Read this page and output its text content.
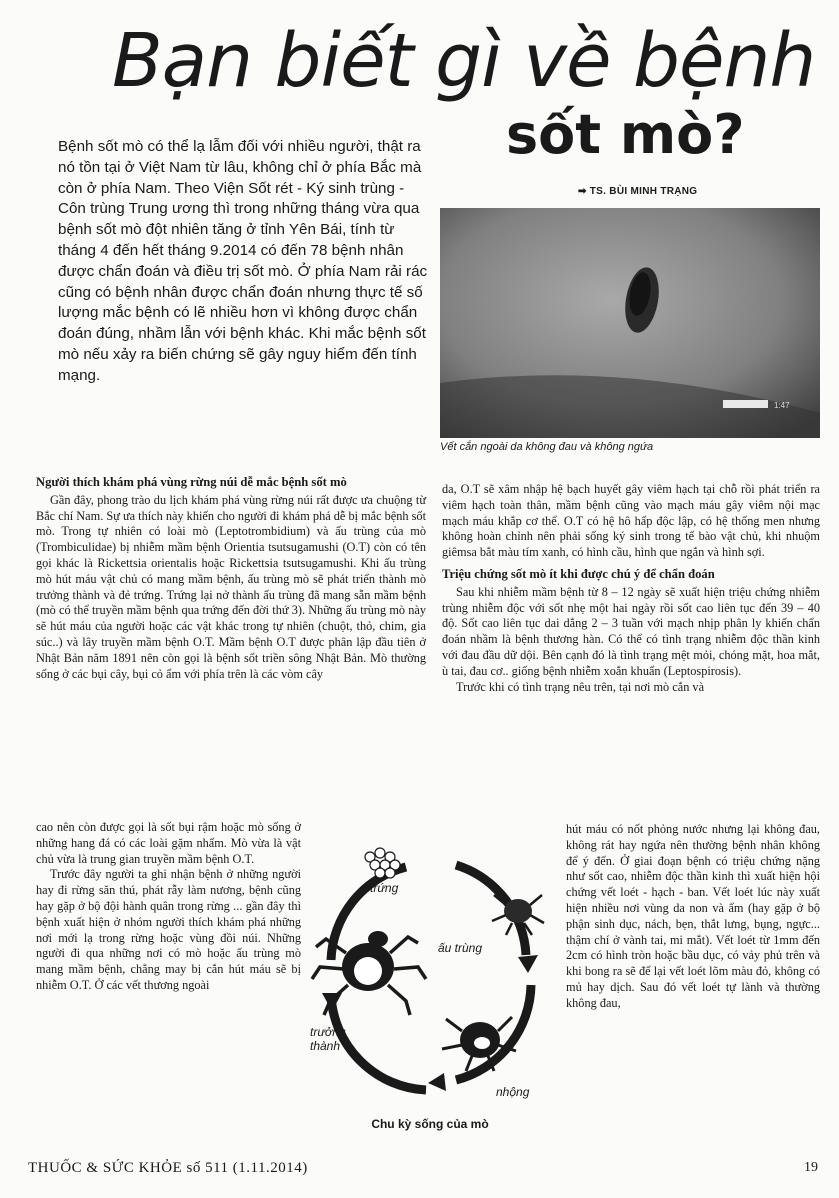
Bạn biết gì về bệnh
sốt mò?
➡ TS. BÙI MINH TRẠNG

Bệnh sốt mò có thể lạ lẫm đối với nhiều người, thật ra nó tồn tại ở Việt Nam từ lâu, không chỉ ở phía Bắc mà còn ở phía Nam. Theo Viện Sốt rét - Ký sinh trùng - Côn trùng Trung ương thì trong những tháng vừa qua bệnh sốt mò đột nhiên tăng ở tỉnh Yên Bái, tính từ tháng 4 đến hết tháng 9.2014 có đến 78 bệnh nhân được chẩn đoán và điều trị sốt mò. Ở phía Nam rải rác cũng có bệnh nhân được chẩn đoán nhưng thực tế số lượng mắc bệnh có lẽ nhiều hơn vì không được chẩn đoán đúng, nhầm lẫn với bệnh khác. Khi mắc bệnh sốt mò nếu xảy ra biến chứng sẽ gây nguy hiểm đến tính mạng.

1:47
Vết cắn ngoài da không đau và không ngứa
Người thích khám phá vùng rừng núi dễ mắc bệnh sốt mò

Gần đây, phong trào du lịch khám phá vùng rừng núi rất được ưa chuộng từ Bắc chí Nam. Sự ưa thích này khiến cho người đi khám phá dễ bị mắc bệnh sốt mò. Trong tự nhiên có loài mò (Leptotrombidium) và ấu trùng của mò (Trombiculidae) bị nhiễm mầm bệnh Orientia tsutsugamushi (O.T) còn có tên gọi khác là Rickettsia orientalis hoặc Rickettsia tsutsugamushi. Khi ấu trùng mò hút máu vật chủ có mang mầm bệnh, ấu trùng mò sẽ phát triển thành mò trưởng thành và đẻ trứng. Trứng lại nở thành ấu trùng đã mang sẵn mầm bệnh (mò có thể truyền mầm bệnh qua trứng đến đời thứ 3). Những ấu trùng mò này sẽ hút máu của người hoặc các vật khác trong tự nhiên (chuột, thỏ, chim, gia súc..) và lây truyền mầm bệnh O.T. Mầm bệnh O.T được phân lập đầu tiên ở Nhật Bản năm 1891 nên còn gọi là bệnh sốt triền sông Nhật Bản. Mò thường sống ở các bụi cây, bụi cỏ ẩm với phía trên là các vòm cây

cao nên còn được gọi là sốt bụi rậm hoặc mò sống ở những hang đá có các loài gặm nhấm. Mò vừa là vật chủ vừa là trung gian truyền mầm bệnh O.T.

Trước đây người ta ghi nhận bệnh ở những người hay đi rừng săn thú, phát rẫy làm nương, bệnh cũng hay gặp ở bộ đội hành quân trong rừng ... gần đây thì bệnh xuất hiện ở nhóm người thích khám phá những nơi mới lạ trong rừng hoặc vùng đồi núi. Những người đi qua những nơi có mò hoặc ấu trùng mò mang mầm bệnh, chẳng may bị cắn hút máu sẽ bị nhiễm O.T. Ở các vết thương ngoài

da, O.T sẽ xâm nhập hệ bạch huyết gây viêm hạch tại chỗ rồi phát triển ra viêm hạch toàn thân, mầm bệnh cũng vào mạch máu gây viêm nội mạc mạch máu khắp cơ thể. O.T có hệ hô hấp độc lập, có hệ thống men nhưng không hoàn chỉnh nên phải sống ký sinh trong tế bào vật chủ, khi nhuộm giêmsa bắt màu tím xanh, có hình cầu, hình que ngắn và hình sợi.

Triệu chứng sốt mò ít khi được chú ý để chẩn đoán

Sau khi nhiễm mầm bệnh từ 8 – 12 ngày sẽ xuất hiện triệu chứng nhiễm trùng nhiễm độc với sốt nhẹ một hai ngày rồi sốt cao liên tục đến 39 – 40 độ. Sốt cao liên tục dai dẳng 2 – 3 tuần với mạch nhịp phân ly khiến chẩn đoán nhầm là bệnh thương hàn. Có thể có tình trạng nhiễm độc thần kinh với đau đầu dữ dội. Bên cạnh đó là tình trạng mệt mỏi, chóng mặt, hoa mắt, ù tai, đau cơ.. giống bệnh nhiễm xoắn khuẩn (Leptospirosis).

Trước khi có tình trạng nêu trên, tại nơi mò cắn và

hút máu có nốt phỏng nước nhưng lại không đau, không rát hay ngứa nên thường bệnh nhân không để ý đến. Ở giai đoạn bệnh có triệu chứng nặng như sốt cao, nhiễm độc thần kinh thì xuất hiện hội chứng vết loét - hạch - ban. Vết loét lúc này xuất hiện nhiều nơi vùng da non và ẩm (hay gặp ở bộ phận sinh dục, nách, bẹn, thắt lưng, bụng, ngực... thậm chí ở vành tai, mi mắt). Vết loét từ 1mm đến 2cm có hình tròn hoặc bầu dục, có vảy phủ trên và khi bong ra sẽ để lại vết loét lõm màu đỏ, không có mủ hay dịch. Sau đó vết loét tự lành và thường không đau,

trứng
ấu trùng
nhộng
trưởng thành
Chu kỳ sống của mò
THUỐC & SỨC KHỎE số 511 (1.11.2014)	19
